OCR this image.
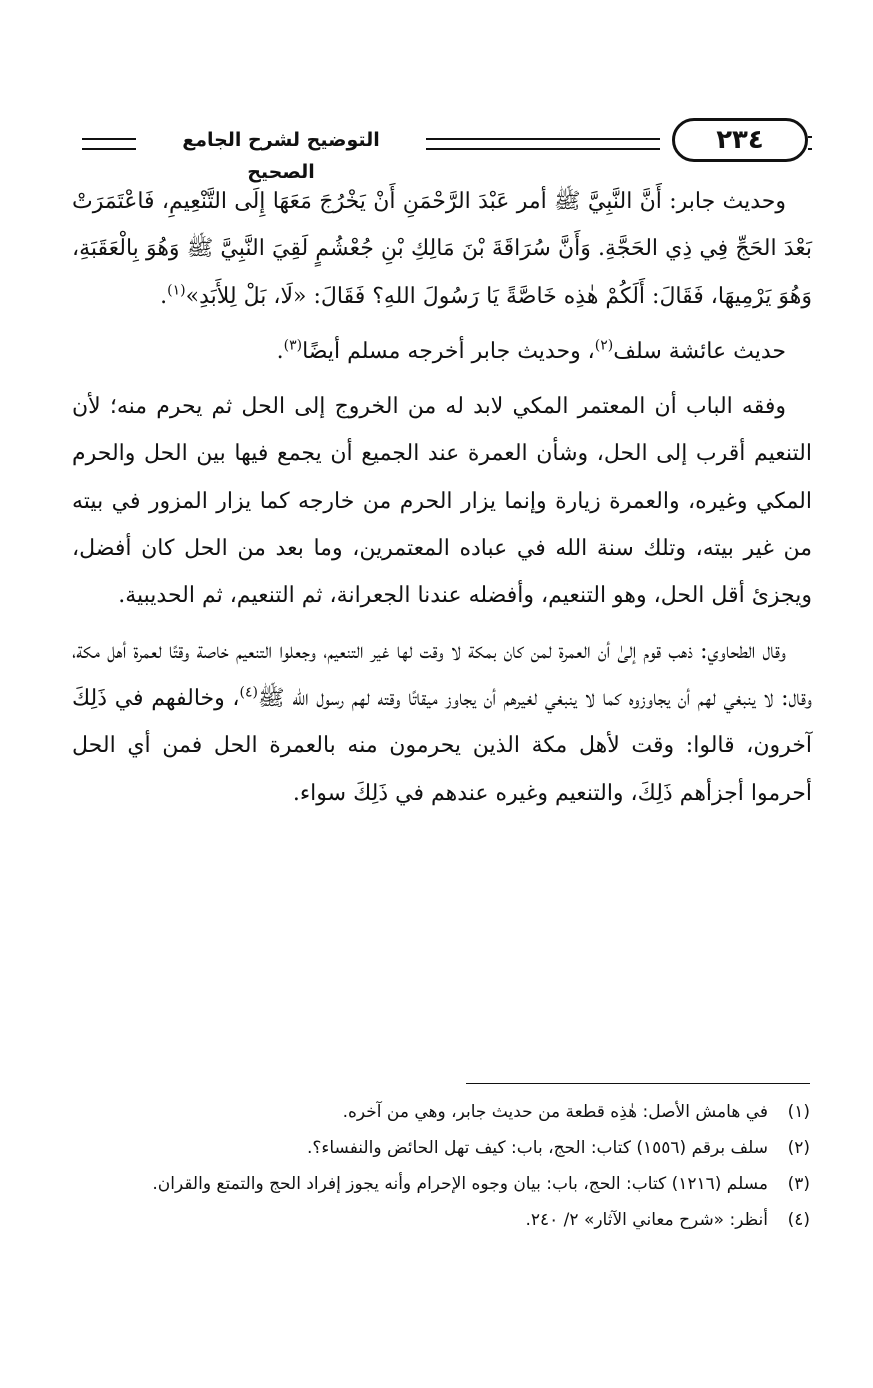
التوضيح لشرح الجامع الصحيح
٢٣٤

وحديث جابر: أَنَّ النَّبِيَّ ﷺ أمر عَبْدَ الرَّحْمَنِ أَنْ يَخْرُجَ مَعَهَا إِلَى التَّنْعِيمِ، فَاعْتَمَرَتْ بَعْدَ الحَجِّ فِي ذِي الحَجَّةِ. وَأَنَّ سُرَاقَةَ بْنَ مَالِكِ بْنِ جُعْشُمٍ لَقِيَ النَّبِيَّ ﷺ وَهُوَ بِالْعَقَبَةِ، وَهُوَ يَرْمِيهَا، فَقَالَ: أَلَكُمْ هٰذِه خَاصَّةً يَا رَسُولَ اللهِ؟ فَقَالَ: «لَا، بَلْ لِلأَبَدِ»$^{(١)}$.

حديث عائشة سلف$^{(٢)}$، وحديث جابر أخرجه مسلم أيضًا$^{(٣)}$.

وفقه الباب أن المعتمر المكي لابد له من الخروج إلى الحل ثم يحرم منه؛ لأن التنعيم أقرب إلى الحل، وشأن العمرة عند الجميع أن يجمع فيها بين الحل والحرم المكي وغيره، والعمرة زيارة وإنما يزار الحرم من خارجه كما يزار المزور في بيته من غير بيته، وتلك سنة الله في عباده المعتمرين، وما بعد من الحل كان أفضل، ويجزئ أقل الحل، وهو التنعيم، وأفضله عندنا الجعرانة، ثم التنعيم، ثم الحديبية.

وقال الطحاوي: ذهب قوم إلىٰ أن العمرة لمن كان بمكة لا وقت لها غير التنعيم، وجعلوا التنعيم خاصة وقتًا لعمرة أهل مكة، وقال: لا ينبغي لهم أن يجاوزوه كما لا ينبغي لغيرهم أن يجاوز ميقاتًا وقته لهم رسول الله ﷺ$^{(٤)}$، وخالفهم في ذَلِكَ آخرون، قالوا: وقت لأهل مكة الذين يحرمون منه بالعمرة الحل فمن أي الحل أحرموا أجزأهم ذَلِكَ، والتنعيم وغيره عندهم في ذَلِكَ سواء.

(١)
في هامش الأصل: هٰذِه قطعة من حديث جابر، وهي من آخره.
(٢)
سلف برقم (١٥٥٦) كتاب: الحج، باب: كيف تهل الحائض والنفساء؟.
(٣)
مسلم (١٢١٦) كتاب: الحج، باب: بيان وجوه الإحرام وأنه يجوز إفراد الحج والتمتع والقران.
(٤)
أنظر: «شرح معاني الآثار» ٢/ ٢٤٠.
